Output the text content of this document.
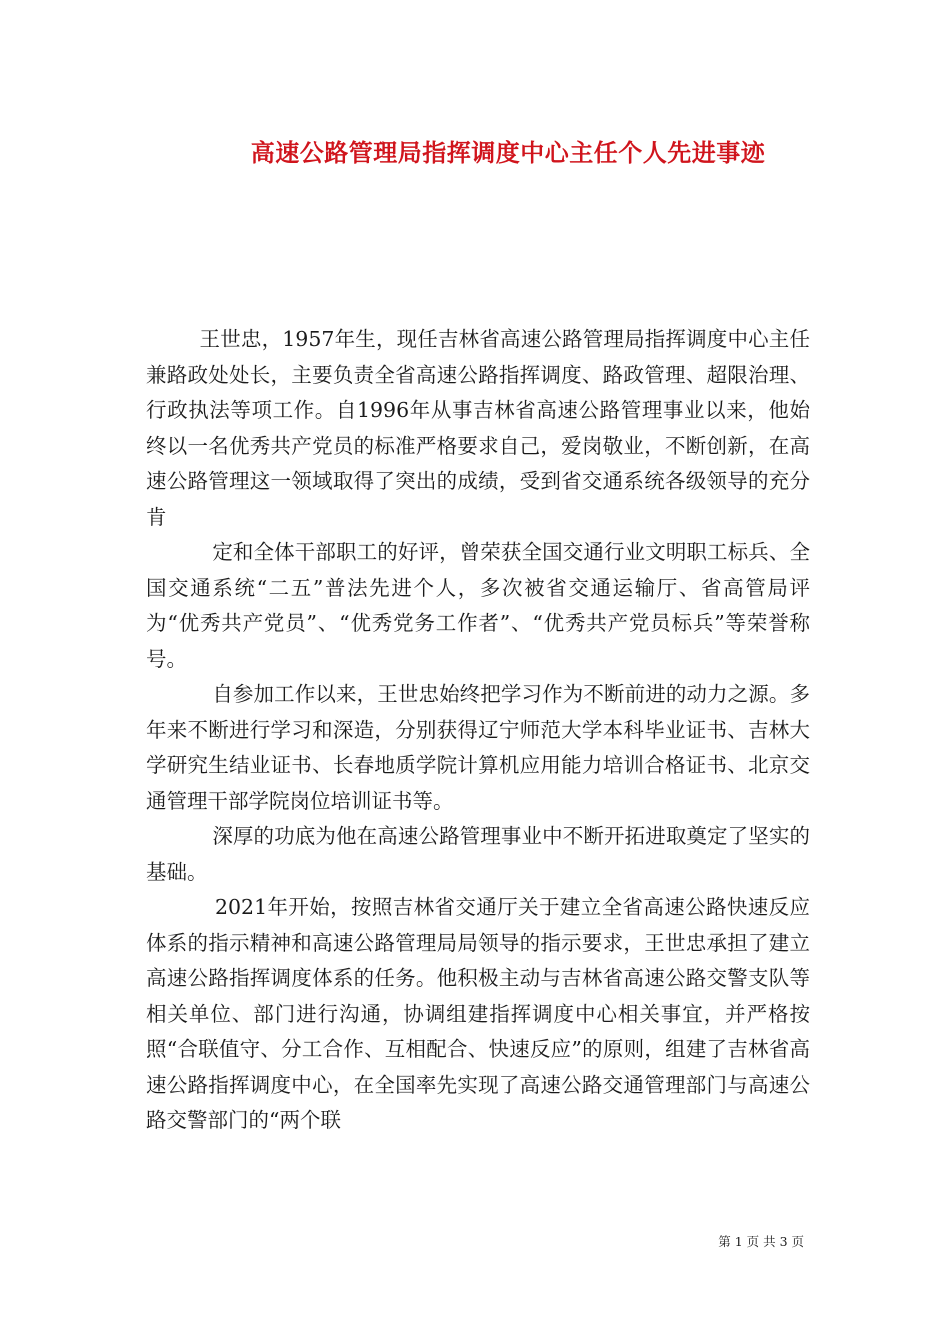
高速公路管理局指挥调度中心主任个人先进事迹

王世忠，1957年生，现任吉林省高速公路管理局指挥调度中心主任兼路政处处长，主要负责全省高速公路指挥调度、路政管理、超限治理、行政执法等项工作。自1996年从事吉林省高速公路管理事业以来，他始终以一名优秀共产党员的标准严格要求自己，爱岗敬业，不断创新，在高速公路管理这一领域取得了突出的成绩，受到省交通系统各级领导的充分肯

定和全体干部职工的好评，曾荣获全国交通行业文明职工标兵、全国交通系统“二五”普法先进个人，多次被省交通运输厅、省高管局评为“优秀共产党员”、“优秀党务工作者”、“优秀共产党员标兵”等荣誉称号。

自参加工作以来，王世忠始终把学习作为不断前进的动力之源。多年来不断进行学习和深造，分别获得辽宁师范大学本科毕业证书、吉林大学研究生结业证书、长春地质学院计算机应用能力培训合格证书、北京交通管理干部学院岗位培训证书等。

深厚的功底为他在高速公路管理事业中不断开拓进取奠定了坚实的基础。

2021年开始，按照吉林省交通厅关于建立全省高速公路快速反应体系的指示精神和高速公路管理局局领导的指示要求，王世忠承担了建立高速公路指挥调度体系的任务。他积极主动与吉林省高速公路交警支队等相关单位、部门进行沟通，协调组建指挥调度中心相关事宜，并严格按照“合联值守、分工合作、互相配合、快速反应”的原则，组建了吉林省高速公路指挥调度中心，在全国率先实现了高速公路交通管理部门与高速公路交警部门的“两个联

第 1 页 共 3 页
